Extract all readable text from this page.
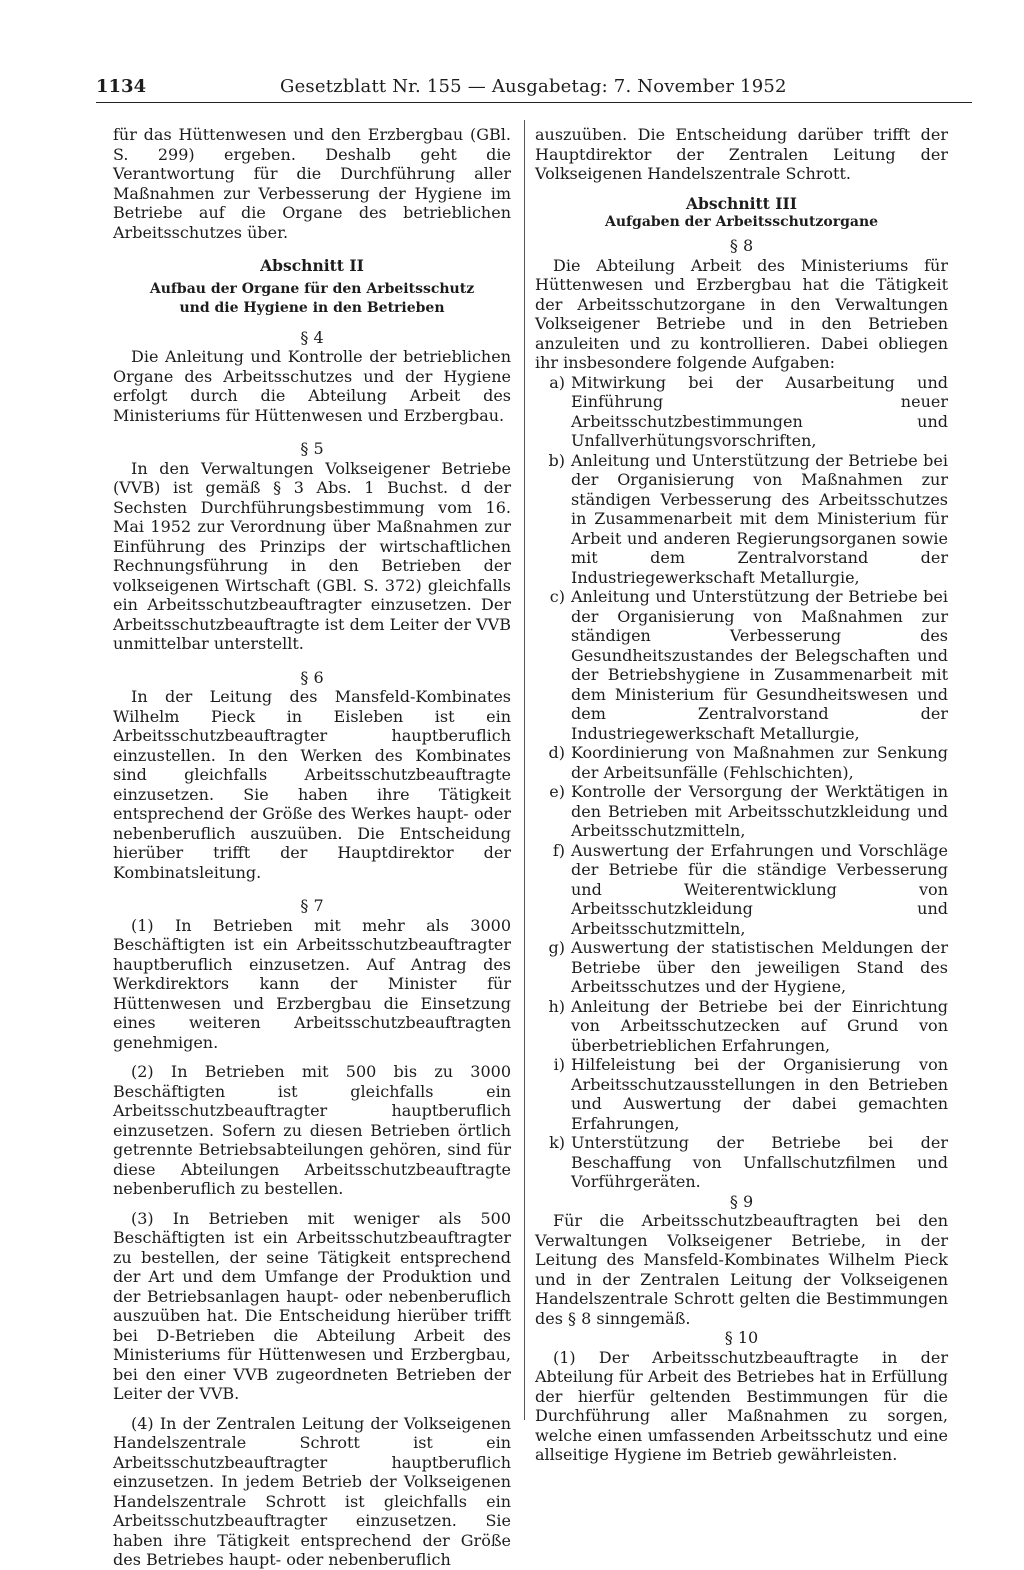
1134	Gesetzblatt Nr. 155 — Ausgabetag: 7. November 1952

für das Hüttenwesen und den Erzbergbau (GBl. S. 299) ergeben. Deshalb geht die Verantwortung für die Durchführung aller Maßnahmen zur Verbesserung der Hygiene im Betriebe auf die Organe des betrieblichen Arbeitsschutzes über.

Abschnitt II

Aufbau der Organe für den Arbeitsschutz

und die Hygiene in den Betrieben

§ 4

Die Anleitung und Kontrolle der betrieblichen Organe des Arbeitsschutzes und der Hygiene erfolgt durch die Abteilung Arbeit des Ministeriums für Hüttenwesen und Erzbergbau.

§ 5

In den Verwaltungen Volkseigener Betriebe (VVB) ist gemäß § 3 Abs. 1 Buchst. d der Sechsten Durchführungsbestimmung vom 16. Mai 1952 zur Verordnung über Maßnahmen zur Einführung des Prinzips der wirtschaftlichen Rechnungsführung in den Betrieben der volkseigenen Wirtschaft (GBl. S. 372) gleichfalls ein Arbeitsschutzbeauftragter einzusetzen. Der Arbeitsschutzbeauftragte ist dem Leiter der VVB unmittelbar unterstellt.

§ 6

In der Leitung des Mansfeld-Kombinates Wilhelm Pieck in Eisleben ist ein Arbeitsschutzbeauftragter hauptberuflich einzustellen. In den Werken des Kombinates sind gleichfalls Arbeitsschutzbeauftragte einzusetzen. Sie haben ihre Tätigkeit entsprechend der Größe des Werkes haupt- oder nebenberuflich auszuüben. Die Entscheidung hierüber trifft der Hauptdirektor der Kombinatsleitung.

§ 7

(1) In Betrieben mit mehr als 3000 Beschäftigten ist ein Arbeitsschutzbeauftragter hauptberuflich einzusetzen. Auf Antrag des Werkdirektors kann der Minister für Hüttenwesen und Erzbergbau die Einsetzung eines weiteren Arbeitsschutzbeauftragten genehmigen.

(2) In Betrieben mit 500 bis zu 3000 Beschäftigten ist gleichfalls ein Arbeitsschutzbeauftragter hauptberuflich einzusetzen. Sofern zu diesen Betrieben örtlich getrennte Betriebsabteilungen gehören, sind für diese Abteilungen Arbeitsschutzbeauftragte nebenberuflich zu bestellen.

(3) In Betrieben mit weniger als 500 Beschäftigten ist ein Arbeitsschutzbeauftragter zu bestellen, der seine Tätigkeit entsprechend der Art und dem Umfange der Produktion und der Betriebsanlagen haupt- oder nebenberuflich auszuüben hat. Die Entscheidung hierüber trifft bei D-Betrieben die Abteilung Arbeit des Ministeriums für Hüttenwesen und Erzbergbau, bei den einer VVB zugeordneten Betrieben der Leiter der VVB.

(4) In der Zentralen Leitung der Volkseigenen Handelszentrale Schrott ist ein Arbeitsschutzbeauftragter hauptberuflich einzusetzen. In jedem Betrieb der Volkseigenen Handelszentrale Schrott ist gleichfalls ein Arbeitsschutzbeauftragter einzusetzen. Sie haben ihre Tätigkeit entsprechend der Größe des Betriebes haupt- oder nebenberuflich

auszuüben. Die Entscheidung darüber trifft der Hauptdirektor der Zentralen Leitung der Volkseigenen Handelszentrale Schrott.

Abschnitt III

Aufgaben der Arbeitsschutzorgane

§ 8

Die Abteilung Arbeit des Ministeriums für Hüttenwesen und Erzbergbau hat die Tätigkeit der Arbeitsschutzorgane in den Verwaltungen Volkseigener Betriebe und in den Betrieben anzuleiten und zu kontrollieren. Dabei obliegen ihr insbesondere folgende Aufgaben:

a) Mitwirkung bei der Ausarbeitung und Einführung neuer Arbeitsschutzbestimmungen und Unfallverhütungsvorschriften,
b) Anleitung und Unterstützung der Betriebe bei der Organisierung von Maßnahmen zur ständigen Verbesserung des Arbeitsschutzes in Zusammenarbeit mit dem Ministerium für Arbeit und anderen Regierungsorganen sowie mit dem Zentralvorstand der Industriegewerkschaft Metallurgie,
c) Anleitung und Unterstützung der Betriebe bei der Organisierung von Maßnahmen zur ständigen Verbesserung des Gesundheitszustandes der Belegschaften und der Betriebshygiene in Zusammenarbeit mit dem Ministerium für Gesundheitswesen und dem Zentralvorstand der Industriegewerkschaft Metallurgie,
d) Koordinierung von Maßnahmen zur Senkung der Arbeitsunfälle (Fehlschichten),
e) Kontrolle der Versorgung der Werktätigen in den Betrieben mit Arbeitsschutzkleidung und Arbeitsschutzmitteln,
f) Auswertung der Erfahrungen und Vorschläge der Betriebe für die ständige Verbesserung und Weiterentwicklung von Arbeitsschutzkleidung und Arbeitsschutzmitteln,
g) Auswertung der statistischen Meldungen der Betriebe über den jeweiligen Stand des Arbeitsschutzes und der Hygiene,
h) Anleitung der Betriebe bei der Einrichtung von Arbeitsschutzecken auf Grund von überbetrieblichen Erfahrungen,
i) Hilfeleistung bei der Organisierung von Arbeitsschutzausstellungen in den Betrieben und Auswertung der dabei gemachten Erfahrungen,
k) Unterstützung der Betriebe bei der Beschaffung von Unfallschutzfilmen und Vorführgeräten.

§ 9

Für die Arbeitsschutzbeauftragten bei den Verwaltungen Volkseigener Betriebe, in der Leitung des Mansfeld-Kombinates Wilhelm Pieck und in der Zentralen Leitung der Volkseigenen Handelszentrale Schrott gelten die Bestimmungen des § 8 sinngemäß.

§ 10

(1) Der Arbeitsschutzbeauftragte in der Abteilung für Arbeit des Betriebes hat in Erfüllung der hierfür geltenden Bestimmungen für die Durchführung aller Maßnahmen zu sorgen, welche einen umfassenden Arbeitsschutz und eine allseitige Hygiene im Betrieb gewährleisten.
